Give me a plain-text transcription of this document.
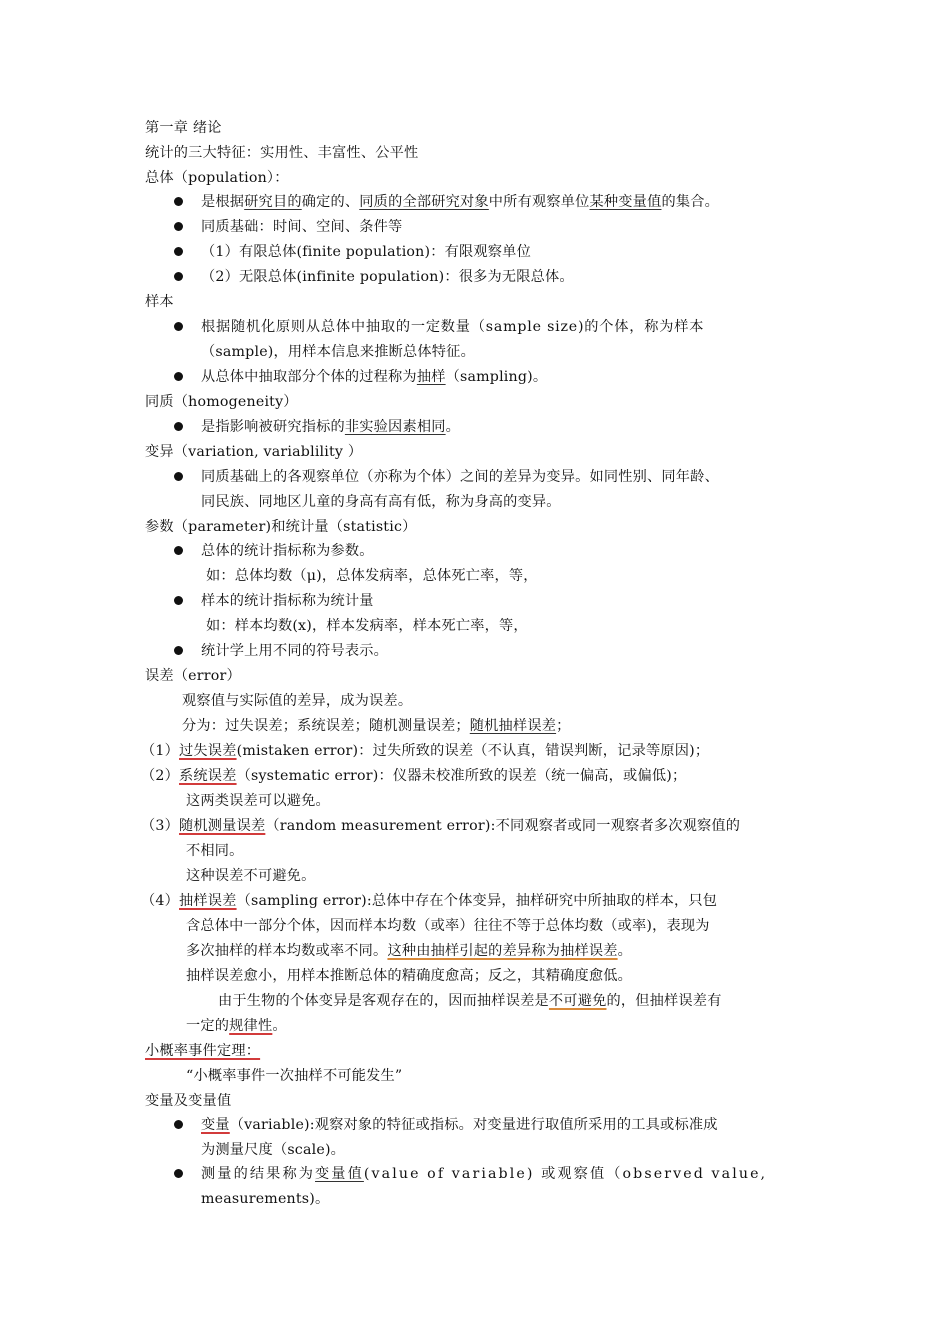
第一章 绪论
统计的三大特征：实用性、丰富性、公平性
总体（population）：
是根据研究目的确定的、同质的全部研究对象中所有观察单位某种变量值的集合。
同质基础：时间、空间、条件等
（1）有限总体(finite population)：有限观察单位
（2）无限总体(infinite population)：很多为无限总体。
样本
根据随机化原则从总体中抽取的一定数量（sample size)的个体，称为样本
（sample)，用样本信息来推断总体特征。
从总体中抽取部分个体的过程称为抽样（sampling)。
同质（homogeneity）
是指影响被研究指标的非实验因素相同。
变异（variation, variablility ）
同质基础上的各观察单位（亦称为个体）之间的差异为变异。如同性别、同年龄、
同民族、同地区儿童的身高有高有低，称为身高的变异。
参数（parameter)和统计量（statistic）
总体的统计指标称为参数。
如：总体均数（μ)，总体发病率，总体死亡率，等，
样本的统计指标称为统计量
如：样本均数(x)，样本发病率，样本死亡率，等，
统计学上用不同的符号表示。
误差（error）
观察值与实际值的差异，成为误差。
分为：过失误差；系统误差；随机测量误差；随机抽样误差；
（1）过失误差(mistaken error)：过失所致的误差（不认真，错误判断，记录等原因)；
（2）系统误差（systematic error)：仪器未校准所致的误差（统一偏高，或偏低)；
这两类误差可以避免。
（3）随机测量误差（random measurement error):不同观察者或同一观察者多次观察值的
不相同。
这种误差不可避免。
（4）抽样误差（sampling error):总体中存在个体变异，抽样研究中所抽取的样本，只包
含总体中一部分个体，因而样本均数（或率）往往不等于总体均数（或率)，表现为
多次抽样的样本均数或率不同。这种由抽样引起的差异称为抽样误差。
抽样误差愈小，用样本推断总体的精确度愈高；反之，其精确度愈低。
由于生物的个体变异是客观存在的，因而抽样误差是不可避免的，但抽样误差有
一定的规律性。
小概率事件定理：
“小概率事件一次抽样不可能发生”
变量及变量值
变量（variable):观察对象的特征或指标。对变量进行取值所采用的工具或标准成
为测量尺度（scale)。
测量的结果称为变量值(value of variable) 或观察值（observed value,
measurements)。
